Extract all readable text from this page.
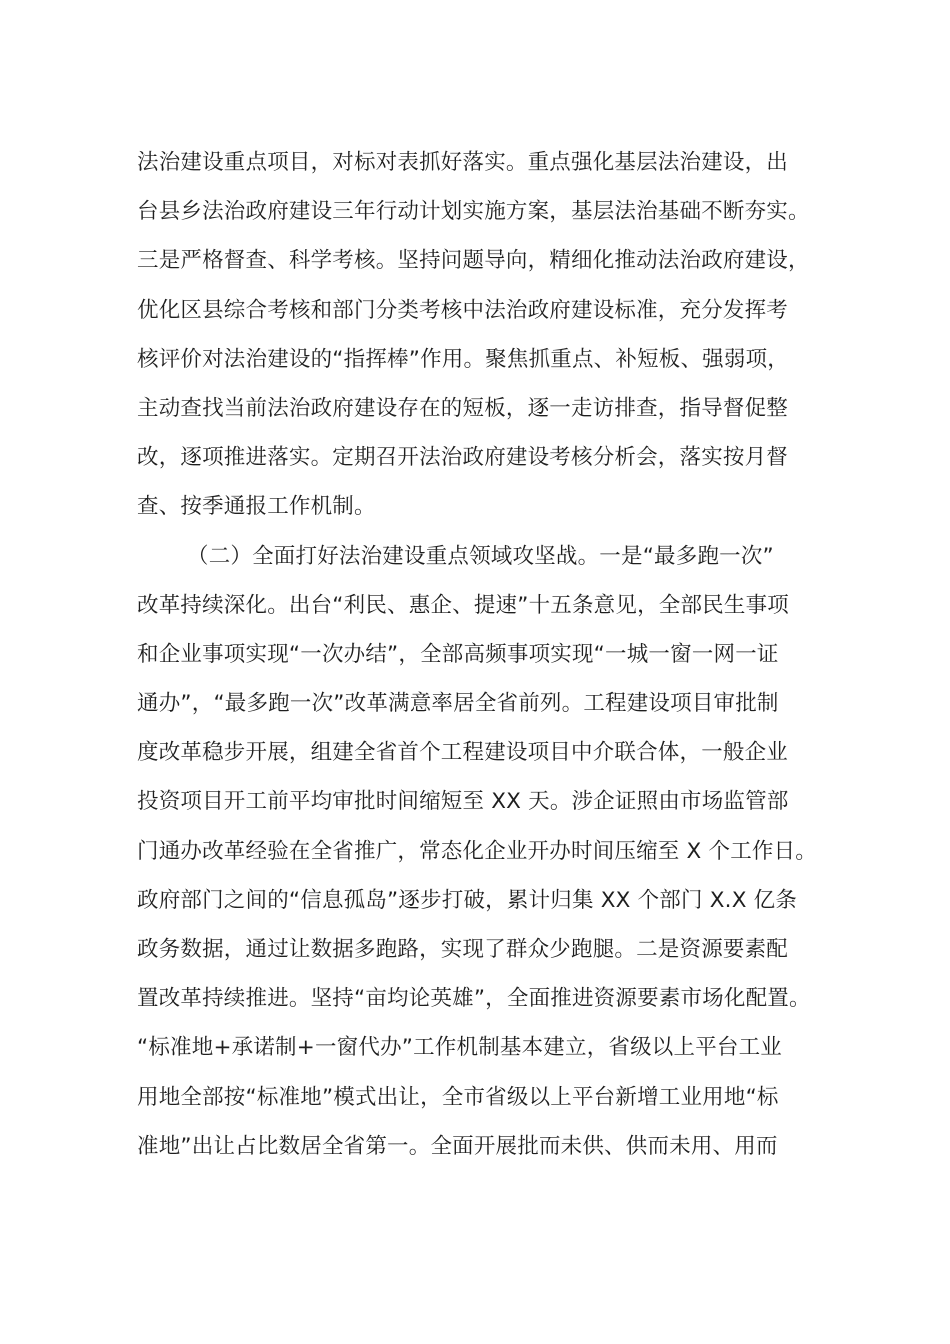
法治建设重点项目，对标对表抓好落实。重点强化基层法治建设，出
台县乡法治政府建设三年行动计划实施方案，基层法治基础不断夯实。
三是严格督查、科学考核。坚持问题导向，精细化推动法治政府建设，
优化区县综合考核和部门分类考核中法治政府建设标准，充分发挥考
核评价对法治建设的“指挥棒”作用。聚焦抓重点、补短板、强弱项，
主动查找当前法治政府建设存在的短板，逐一走访排查，指导督促整
改，逐项推进落实。定期召开法治政府建设考核分析会，落实按月督
查、按季通报工作机制。
（二）全面打好法治建设重点领域攻坚战。一是“最多跑一次”
改革持续深化。出台“利民、惠企、提速”十五条意见，全部民生事项
和企业事项实现“一次办结”，全部高频事项实现“一城一窗一网一证
通办”，“最多跑一次”改革满意率居全省前列。工程建设项目审批制
度改革稳步开展，组建全省首个工程建设项目中介联合体，一般企业
投资项目开工前平均审批时间缩短至 XX 天。涉企证照由市场监管部
门通办改革经验在全省推广，常态化企业开办时间压缩至 X 个工作日。
政府部门之间的“信息孤岛”逐步打破，累计归集 XX 个部门 X.X 亿条
政务数据，通过让数据多跑路，实现了群众少跑腿。二是资源要素配
置改革持续推进。坚持“亩均论英雄”，全面推进资源要素市场化配置。
“标准地+承诺制+一窗代办”工作机制基本建立，省级以上平台工业
用地全部按“标准地”模式出让，全市省级以上平台新增工业用地“标
准地”出让占比数居全省第一。全面开展批而未供、供而未用、用而
